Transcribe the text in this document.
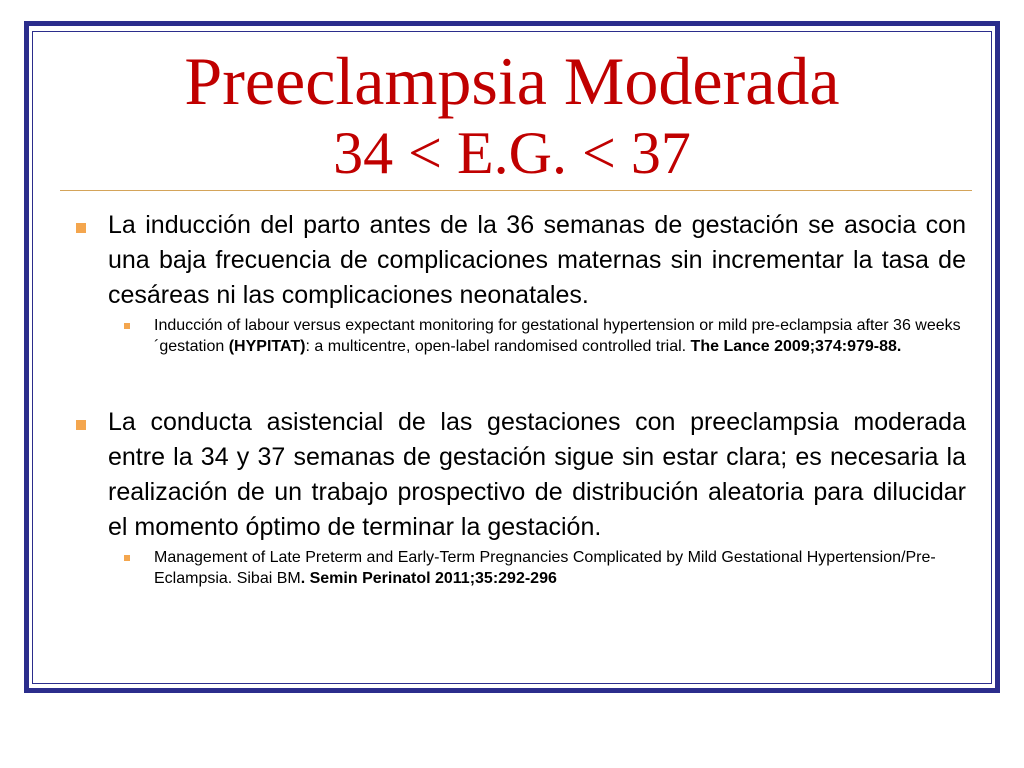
Preeclampsia Moderada
34 < E.G. < 37
La inducción del parto antes de la 36 semanas de gestación se asocia con una baja frecuencia de complicaciones maternas sin incrementar la tasa de cesáreas ni las complicaciones neonatales.
Inducción of labour versus expectant monitoring for gestational hypertension or mild pre-eclampsia after 36 weeks´gestation (HYPITAT): a multicentre, open-label randomised controlled trial. The Lance 2009;374:979-88.
La conducta asistencial de las gestaciones con preeclampsia moderada entre la 34 y 37 semanas de gestación sigue sin estar clara; es necesaria la realización de un trabajo prospectivo de distribución aleatoria para dilucidar el momento óptimo de terminar la gestación.
Management of Late Preterm and Early-Term Pregnancies Complicated by Mild Gestational Hypertension/Pre-Eclampsia. Sibai BM. Semin Perinatol 2011;35:292-296
